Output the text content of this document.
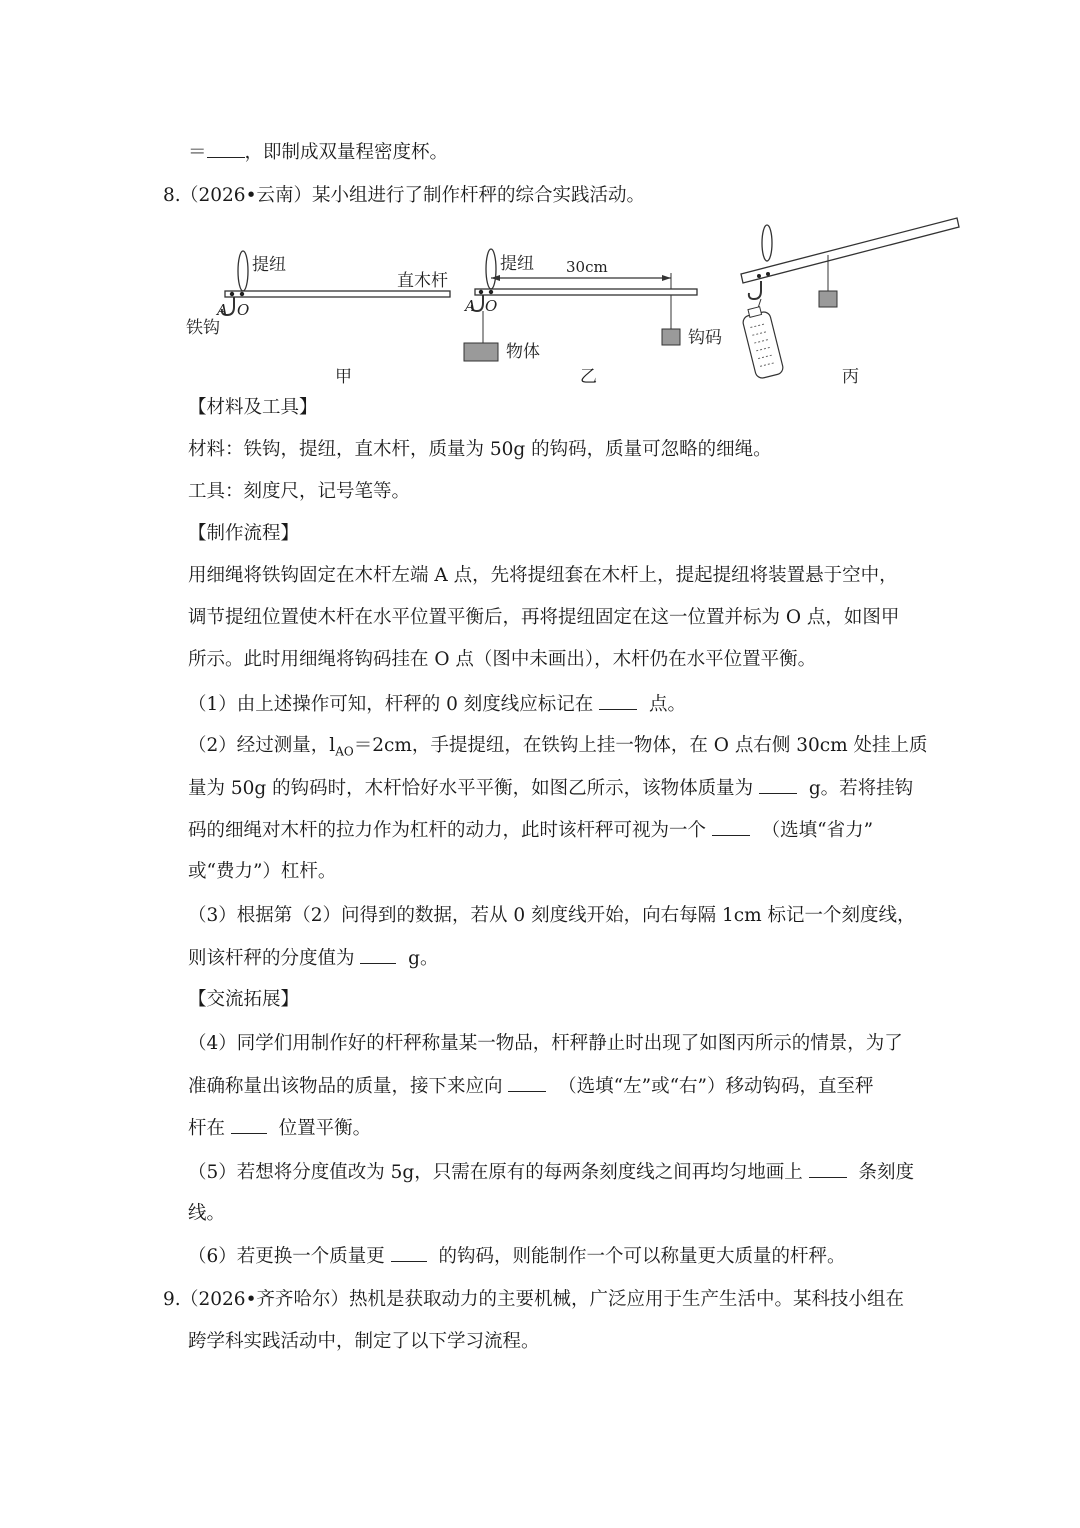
＝ ，即制成双量程密度杯。
8. （2026•云南）某小组进行了制作杆秤的综合实践活动。
提纽
直木杆
A O
铁钩
甲
提纽 30cm
A O
物体
钩码
乙	丙
【材料及工具】
材料：铁钩，提纽，直木杆，质量为 50g 的钩码，质量可忽略的细绳。
工具：刻度尺，记号笔等。
【制作流程】
用细绳将铁钩固定在木杆左端 A 点，先将提纽套在木杆上，提起提纽将装置悬于空中，
调节提纽位置使木杆在水平位置平衡后，再将提纽固定在这一位置并标为 O 点，如图甲
所示。此时用细绳将钩码挂在 O 点（图中未画出），木杆仍在水平位置平衡。
（1）由上述操作可知，杆秤的 0 刻度线应标记在	点。
（2）经过测量，$l_{AO}=2cm$，手提提纽，在铁钩上挂一物体，在 O 点右侧 30cm 处挂上质
量为 50g 的钩码时，木杆恰好水平平衡，如图乙所示，该物体质量为	g。若将挂钩
码的细绳对木杆的拉力作为杠杆的动力，此时该杆秤可视为一个	（选填“省力”
或“费力”）杠杆。
（3）根据第（2）问得到的数据，若从 0 刻度线开始，向右每隔 1cm 标记一个刻度线，
则该杆秤的分度值为	g。
【交流拓展】
（4）同学们用制作好的杆秤称量某一物品，杆秤静止时出现了如图丙所示的情景，为了
准确称量出该物品的质量，接下来应向	（选填“左”或“右”）移动钩码，直至秤
杆在	位置平衡。
（5）若想将分度值改为 5g，只需在原有的每两条刻度线之间再均匀地画上	条刻度
线。
（6）若更换一个质量更	的钩码，则能制作一个可以称量更大质量的杆秤。
9. （2026•齐齐哈尔）热机是获取动力的主要机械，广泛应用于生产生活中。某科技小组在
跨学科实践活动中，制定了以下学习流程。
